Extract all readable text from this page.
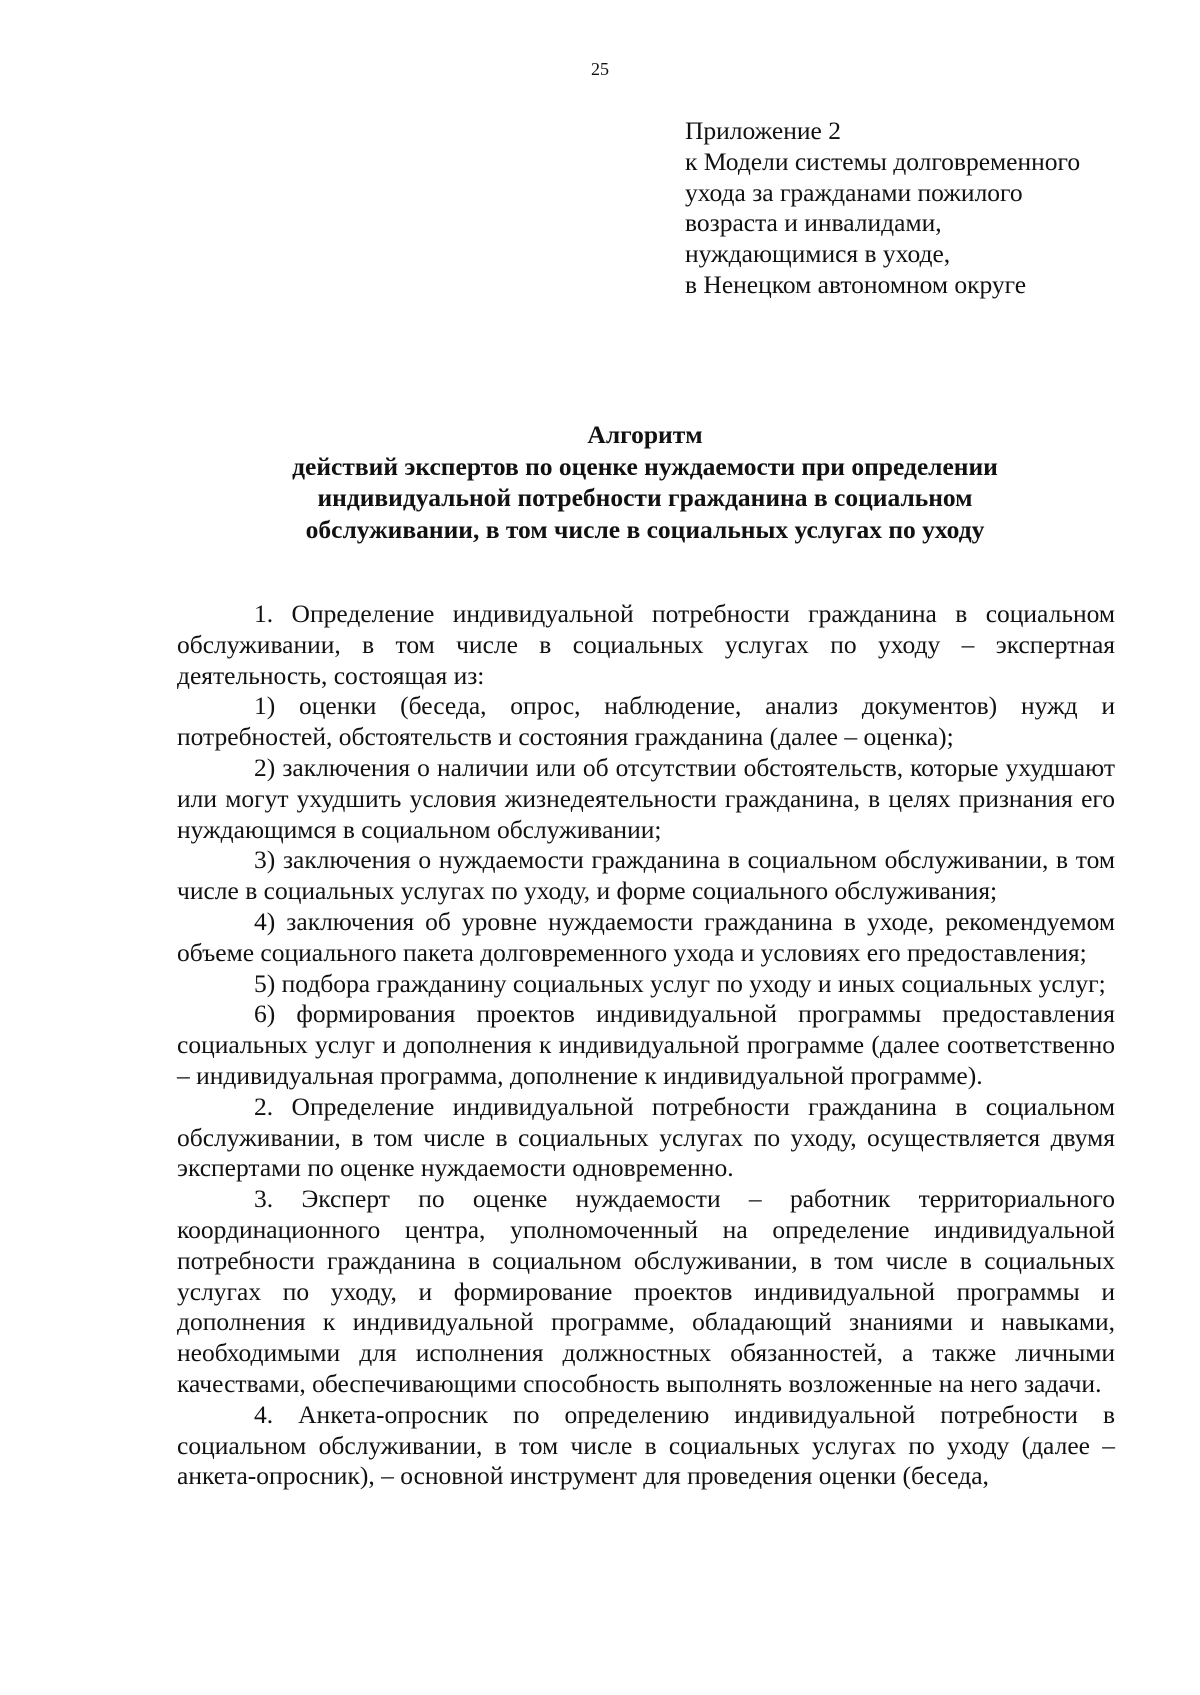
25
Приложение 2
к Модели системы долговременного
ухода за гражданами пожилого
возраста и инвалидами,
нуждающимися в уходе,
в Ненецком автономном округе
Алгоритм
действий экспертов по оценке нуждаемости при определении
индивидуальной потребности гражданина в социальном
обслуживании, в том числе в социальных услугах по уходу

1. Определение индивидуальной потребности гражданина в социальном обслуживании, в том числе в социальных услугах по уходу – экспертная деятельность, состоящая из:

1) оценки (беседа, опрос, наблюдение, анализ документов) нужд и потребностей, обстоятельств и состояния гражданина (далее – оценка);

2) заключения о наличии или об отсутствии обстоятельств, которые ухудшают или могут ухудшить условия жизнедеятельности гражданина, в целях признания его нуждающимся в социальном обслуживании;

3) заключения о нуждаемости гражданина в социальном обслуживании, в том числе в социальных услугах по уходу, и форме социального обслуживания;

4) заключения об уровне нуждаемости гражданина в уходе, рекомендуемом объеме социального пакета долговременного ухода и условиях его предоставления;

5) подбора гражданину социальных услуг по уходу и иных социальных услуг;

6) формирования проектов индивидуальной программы предоставления социальных услуг и дополнения к индивидуальной программе (далее соответственно – индивидуальная программа, дополнение к индивидуальной программе).

2. Определение индивидуальной потребности гражданина в социальном обслуживании, в том числе в социальных услугах по уходу, осуществляется двумя экспертами по оценке нуждаемости одновременно.

3. Эксперт по оценке нуждаемости – работник территориального координационного центра, уполномоченный на определение индивидуальной потребности гражданина в социальном обслуживании, в том числе в социальных услугах по уходу, и формирование проектов индивидуальной программы и дополнения к индивидуальной программе, обладающий знаниями и навыками, необходимыми для исполнения должностных обязанностей, а также личными качествами, обеспечивающими способность выполнять возложенные на него задачи.

4. Анкета-опросник по определению индивидуальной потребности в социальном обслуживании, в том числе в социальных услугах по уходу (далее – анкета-опросник), – основной инструмент для проведения оценки (беседа,
